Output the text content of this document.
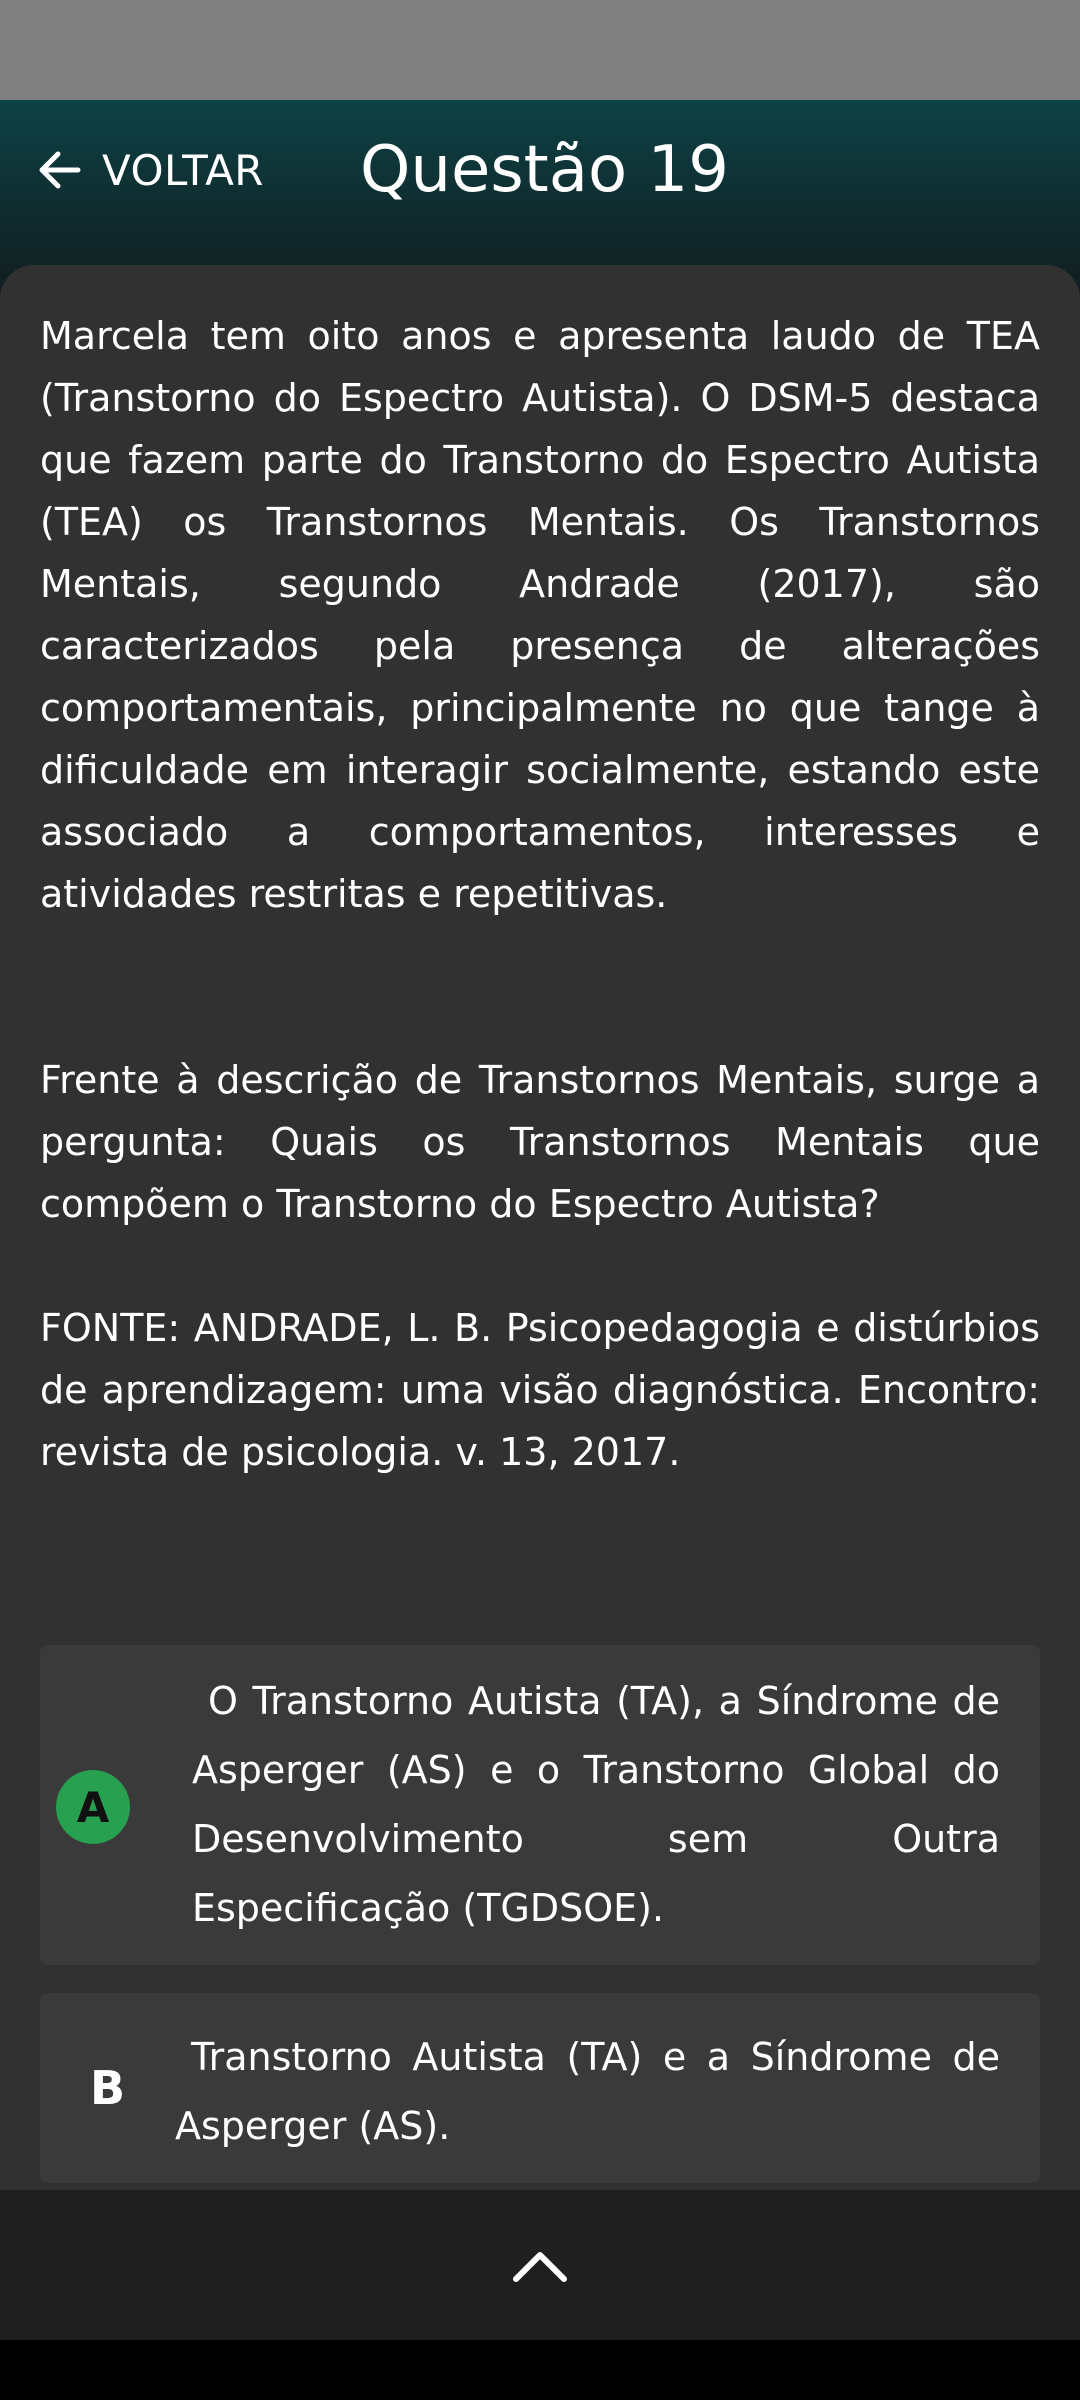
VOLTAR Questão 19

Marcela tem oito anos e apresenta laudo de TEA (Transtorno do Espectro Autista). O DSM-5 destaca que fazem parte do Transtorno do Espectro Autista (TEA) os Transtornos Mentais. Os Transtornos Mentais, segundo Andrade (2017), são caracterizados pela presença de alterações comportamentais, principalmente no que tange à dificuldade em interagir socialmente, estando este associado a comportamentos, interesses e atividades restritas e repetitivas.

Frente à descrição de Transtornos Mentais, surge a pergunta: Quais os Transtornos Mentais que compõem o Transtorno do Espectro Autista?

FONTE: ANDRADE, L. B. Psicopedagogia e distúrbios de aprendizagem: uma visão diagnóstica. Encontro: revista de psicologia. v. 13, 2017.

A

O Transtorno Autista (TA), a Síndrome de Asperger (AS) e o Transtorno Global do Desenvolvimento sem Outra Especificação (TGDSOE).

B

Transtorno Autista (TA) e a Síndrome de Asperger (AS).
